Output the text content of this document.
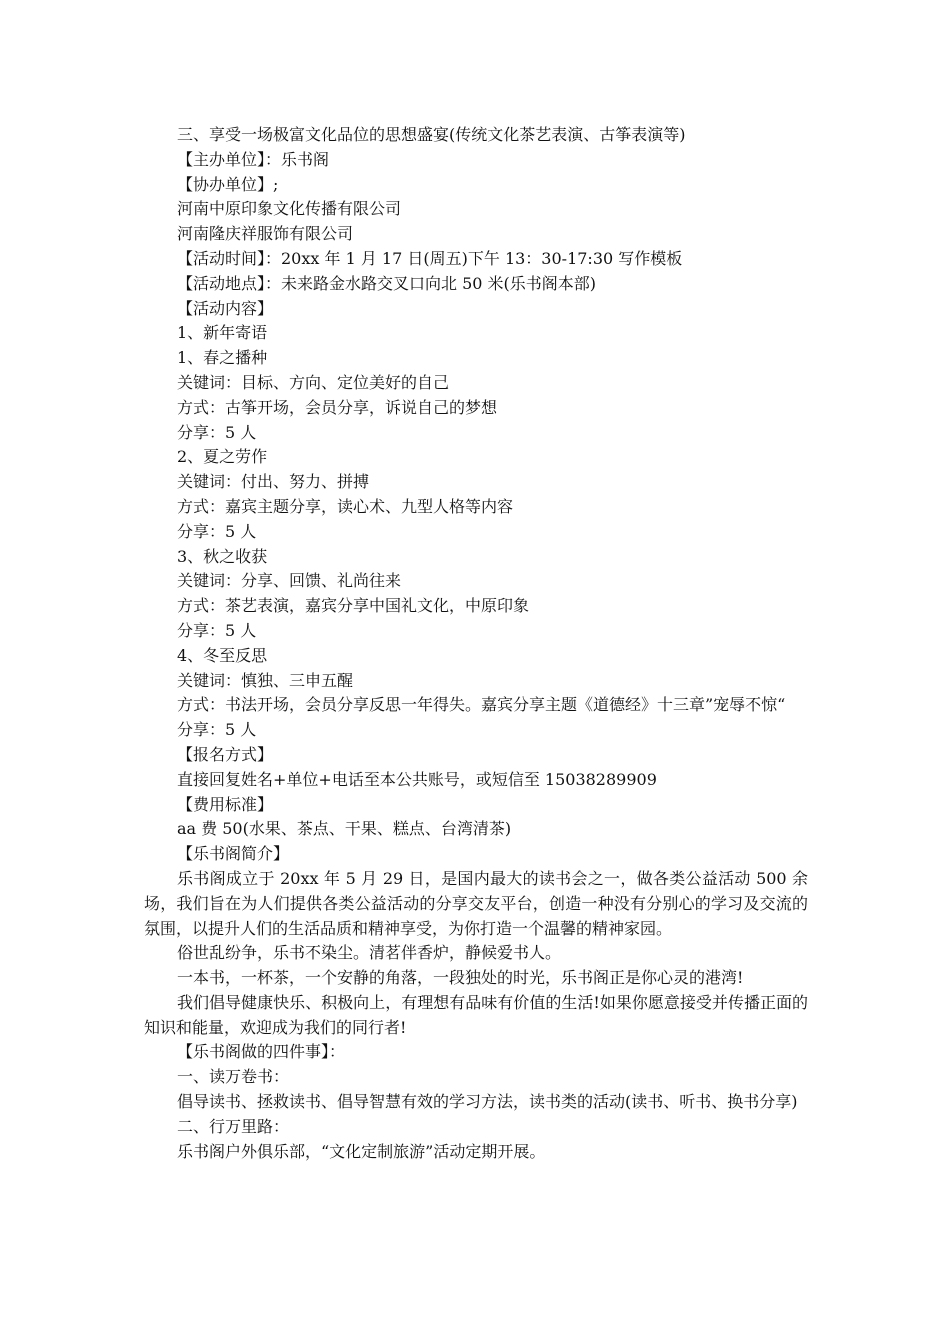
三、享受一场极富文化品位的思想盛宴(传统文化茶艺表演、古筝表演等)

【主办单位】：乐书阁

【协办单位】;

河南中原印象文化传播有限公司

河南隆庆祥服饰有限公司

【活动时间】：20xx 年 1 月 17 日(周五)下午 13：30-17:30 写作模板

【活动地点】：未来路金水路交叉口向北 50 米(乐书阁本部)

【活动内容】

1、新年寄语

1、春之播种

关键词：目标、方向、定位美好的自己

方式：古筝开场，会员分享，诉说自己的梦想

分享：5 人

2、夏之劳作

关键词：付出、努力、拼搏

方式：嘉宾主题分享，读心术、九型人格等内容

分享：5 人

3、秋之收获

关键词：分享、回馈、礼尚往来

方式：茶艺表演，嘉宾分享中国礼文化，中原印象

分享：5 人

4、冬至反思

关键词：慎独、三申五醒

方式：书法开场，会员分享反思一年得失。嘉宾分享主题《道德经》十三章”宠辱不惊“

分享：5 人

【报名方式】

直接回复姓名+单位+电话至本公共账号，或短信至 15038289909

【费用标准】

aa 费 50(水果、茶点、干果、糕点、台湾清茶)

【乐书阁简介】

乐书阁成立于 20xx 年 5 月 29 日，是国内最大的读书会之一，做各类公益活动 500 余场，我们旨在为人们提供各类公益活动的分享交友平台，创造一种没有分别心的学习及交流的氛围，以提升人们的生活品质和精神享受，为你打造一个温馨的精神家园。

俗世乱纷争，乐书不染尘。清茗伴香炉，静候爱书人。

一本书，一杯茶，一个安静的角落，一段独处的时光，乐书阁正是你心灵的港湾!

我们倡导健康快乐、积极向上，有理想有品味有价值的生活!如果你愿意接受并传播正面的知识和能量，欢迎成为我们的同行者!

【乐书阁做的四件事】：

一、读万卷书：

倡导读书、拯救读书、倡导智慧有效的学习方法，读书类的活动(读书、听书、换书分享)

二、行万里路：

乐书阁户外俱乐部，“文化定制旅游”活动定期开展。
